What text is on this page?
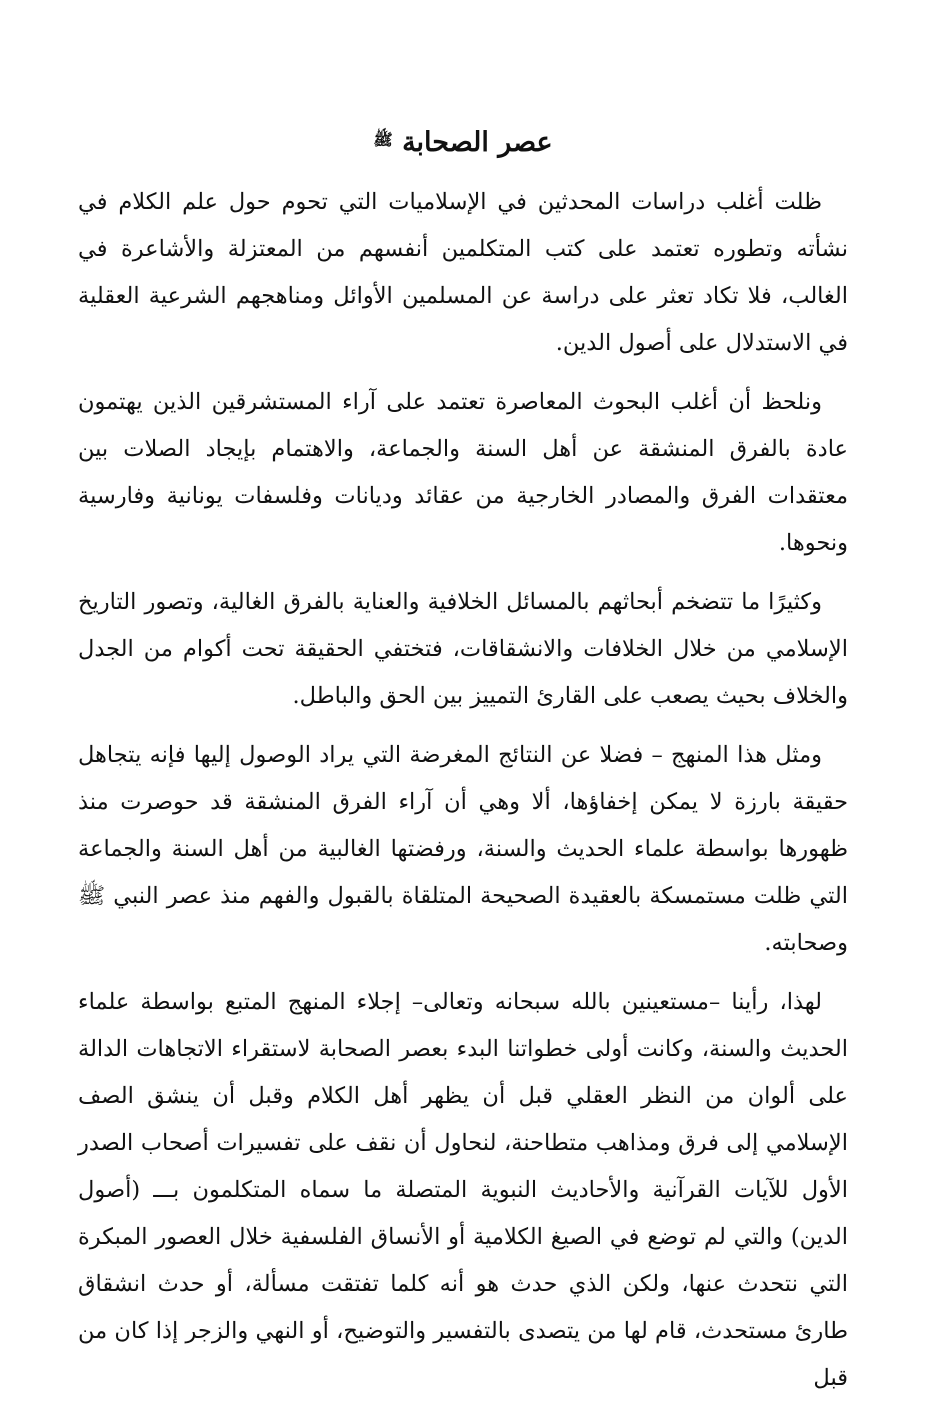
عصر الصحابة $^ﷺ$

ظلت أغلب دراسات المحدثين في الإسلاميات التي تحوم حول علم الكلام في نشأته وتطوره تعتمد على كتب المتكلمين أنفسهم من المعتزلة والأشاعرة في الغالب، فلا تكاد تعثر على دراسة عن المسلمين الأوائل ومناهجهم الشرعية العقلية في الاستدلال على أصول الدين.

ونلحظ أن أغلب البحوث المعاصرة تعتمد على آراء المستشرقين الذين يهتمون عادة بالفرق المنشقة عن أهل السنة والجماعة، والاهتمام بإيجاد الصلات بين معتقدات الفرق والمصادر الخارجية من عقائد وديانات وفلسفات يونانية وفارسية ونحوها.

وكثيرًا ما تتضخم أبحاثهم بالمسائل الخلافية والعناية بالفرق الغالية، وتصور التاريخ الإسلامي من خلال الخلافات والانشقاقات، فتختفي الحقيقة تحت أكوام من الجدل والخلاف بحيث يصعب على القارئ التمييز بين الحق والباطل.

ومثل هذا المنهج – فضلا عن النتائج المغرضة التي يراد الوصول إليها فإنه يتجاهل حقيقة بارزة لا يمكن إخفاؤها، ألا وهي أن آراء الفرق المنشقة قد حوصرت منذ ظهورها بواسطة علماء الحديث والسنة، ورفضتها الغالبية من أهل السنة والجماعة التي ظلت مستمسكة بالعقيدة الصحيحة المتلقاة بالقبول والفهم منذ عصر النبي ﷺ وصحابته.

لهذا، رأينا –مستعينين بالله سبحانه وتعالى– إجلاء المنهج المتبع بواسطة علماء الحديث والسنة، وكانت أولى خطواتنا البدء بعصر الصحابة لاستقراء الاتجاهات الدالة على ألوان من النظر العقلي قبل أن يظهر أهل الكلام وقبل أن ينشق الصف الإسلامي إلى فرق ومذاهب متطاحنة، لنحاول أن نقف على تفسيرات أصحاب الصدر الأول للآيات القرآنية والأحاديث النبوية المتصلة ما سماه المتكلمون بـــ (أصول الدين) والتي لم توضع في الصيغ الكلامية أو الأنساق الفلسفية خلال العصور المبكرة التي نتحدث عنها، ولكن الذي حدث هو أنه كلما تفتقت مسألة، أو حدث انشقاق طارئ مستحدث، قام لها من يتصدى بالتفسير والتوضيح، أو النهي والزجر إذا كان من قبل
